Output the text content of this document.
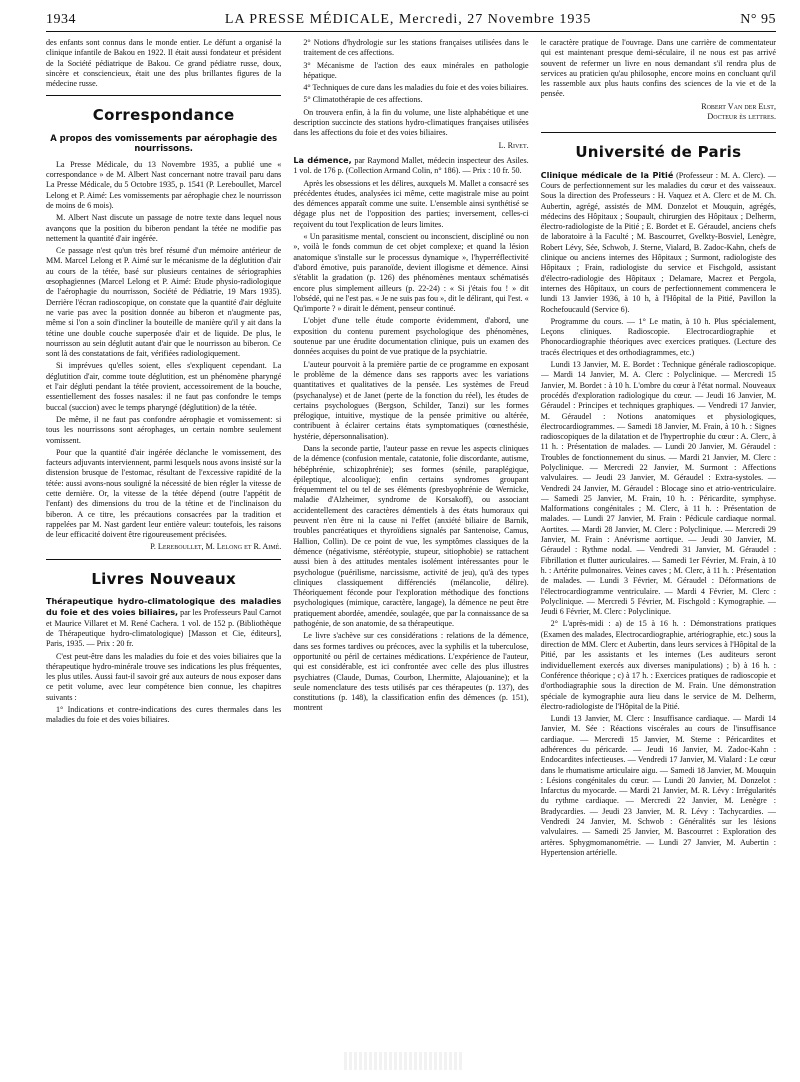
1934	LA PRESSE MÉDICALE, Mercredi, 27 Novembre 1935	N° 95

des enfants sont connus dans le monde entier. Le défunt a organisé la clinique infantile de Bakou en 1922. Il était aussi fondateur et président de la Société pédiatrique de Bakou. Ce grand pédiatre russe, doux, sincère et consciencieux, était une des plus brillantes figures de la médecine russe.

Correspondance
A propos des vomissements par aérophagie des nourrissons.

La Presse Médicale, du 13 Novembre 1935, a publié une « correspondance » de M. Albert Nast concernant notre travail paru dans La Presse Médicale, du 5 Octobre 1935, p. 1541 (P. Lereboullet, Marcel Lelong et P. Aimé: Les vomissements par aérophagie chez le nourrisson de moins de 6 mois).

M. Albert Nast discute un passage de notre texte dans lequel nous avançons que la position du biberon pendant la tétée ne modifie pas nettement la quantité d'air ingérée.

Ce passage n'est qu'un très bref résumé d'un mémoire antérieur de MM. Marcel Lelong et P. Aimé sur le mécanisme de la déglutition d'air au cours de la tétée, basé sur plusieurs centaines de sériographies œsophagiennes (Marcel Lelong et P. Aimé: Etude physio-radiologique de l'aérophagie du nourrisson, Société de Pédiatrie, 19 Mars 1935). Derrière l'écran radioscopique, on constate que la quantité d'air dégluite ne varie pas avec la position donnée au biberon et n'augmente pas, même si l'on a soin d'incliner la bouteille de manière qu'il y ait dans la tétine une double couche superposée d'air et de liquide. De plus, le nourrisson au sein déglutit autant d'air que le nourrisson au biberon. Ce sont là des constatations de fait, vérifiées radiologiquement.

Si imprévues qu'elles soient, elles s'expliquent cependant. La déglutition d'air, comme toute déglutition, est un phénomène pharyngé et l'air dégluti pendant la tétée provient, accessoirement de la bouche, essentiellement des fosses nasales: il ne faut pas confondre le temps buccal (succion) avec le temps pharyngé (déglutition) de la tétée.

De même, il ne faut pas confondre aérophagie et vomissement: si tous les nourrissons sont aérophages, un certain nombre seulement vomissent.

Pour que la quantité d'air ingérée déclanche le vomissement, des facteurs adjuvants interviennent, parmi lesquels nous avons insisté sur la distension brusque de l'estomac, résultant de l'excessive rapidité de la tétée: aussi avons-nous souligné la nécessité de bien régler la vitesse de cette dernière. Or, la vitesse de la tétée dépend (outre l'appétit de l'enfant) des dimensions du trou de la tétine et de l'inclinaison du biberon. A ce titre, les précautions consacrées par la tradition et rappelées par M. Nast gardent leur entière valeur: toutefois, les raisons de leur efficacité doivent être rigoureusement précisées.

P. Lereboullet, M. Lelong et R. Aimé.
Livres Nouveaux

Thérapeutique hydro-climatologique des maladies du foie et des voies biliaires, par les Professeurs Paul Carnot et Maurice Villaret et M. René Cachera. 1 vol. de 152 p. (Bibliothèque de Thérapeutique hydro-climatologique) [Masson et Cie, éditeurs], Paris, 1935. — Prix : 20 fr.

C'est peut-être dans les maladies du foie et des voies biliaires que la thérapeutique hydro-minérale trouve ses indications les plus fréquentes, les plus utiles. Aussi faut-il savoir gré aux auteurs de nous exposer dans ce petit volume, avec leur compétence bien connue, les chapitres suivants :

1° Indications et contre-indications des cures thermales dans les maladies du foie et des voies biliaires.

2° Notions d'hydrologie sur les stations françaises utilisées dans le traitement de ces affections.

3° Mécanisme de l'action des eaux minérales en pathologie hépatique.

4° Techniques de cure dans les maladies du foie et des voies biliaires.

5° Climatothérapie de ces affections.

On trouvera enfin, à la fin du volume, une liste alphabétique et une description succincte des stations hydro-climatiques françaises utilisées dans les affections du foie et des voies biliaires.

L. Rivet.

La démence, par Raymond Mallet, médecin inspecteur des Asiles. 1 vol. de 176 p. (Collection Armand Colin, n° 186). — Prix : 10 fr. 50.

Après les obsessions et les délires, auxquels M. Mallet a consacré ses précédentes études, analysées ici même, cette magistrale mise au point des démences apparaît comme une suite. L'ensemble ainsi synthétisé se dégage plus net de l'opposition des parties; inversement, celles-ci reçoivent du tout l'explication de leurs limites.

« Un parasitisme mental, conscient ou inconscient, discipliné ou non », voilà le fonds commun de cet objet complexe; et quand la lésion anatomique s'installe sur le processus dynamique », l'hyperréflectivité d'abord émotive, puis paranoïde, devient illogisme et démence. Ainsi s'établit la gradation (p. 126) des phénomènes mentaux schématisés encore plus simplement ailleurs (p. 22-24) : « Si j'étais fou ! » dit l'obsédé, qui ne l'est pas. « Je ne suis pas fou », dit le délirant, qui l'est. « Qu'importe ? » dirait le dément, penseur continué.

L'objet d'une telle étude comporte évidemment, d'abord, une exposition du contenu purement psychologique des phénomènes, soutenue par une érudite documentation clinique, puis un examen des données acquises du point de vue pratique de la psychiatrie.

L'auteur pourvoit à la première partie de ce programme en exposant le problème de la démence dans ses rapports avec les variations quantitatives et qualitatives de la pensée. Les systèmes de Freud (psychanalyse) et de Janet (perte de la fonction du réel), les études de certains psychologues (Bergson, Schilder, Tanzi) sur les formes prélogique, intuitive, mystique de la pensée primitive ou altérée, contribuent à éclairer certains états symptomatiques (cœnesthésie, hystérie, dépersonnalisation).

Dans la seconde partie, l'auteur passe en revue les aspects cliniques de la démence (confusion mentale, catatonie, folie discordante, autisme, hébéphrénie, schizophrénie); ses formes (sénile, paraplégique, épileptique, alcoolique); enfin certains syndromes groupant fréquemment tel ou tel de ses éléments (presbyophrénie de Wernicke, maladie d'Alzheimer, syndrome de Korsakoff), ou associant accidentellement des caractères démentiels à des états humoraux qui peuvent n'en être ni la cause ni l'effet (anxiété biliaire de Barnik, troubles pancréatiques et thyroïdiens signalés par Santenoise, Camus, Hallion, Collin). De ce point de vue, les symptômes classiques de la démence (négativisme, stéréotypie, stupeur, sitiophobie) se rattachent aussi bien à des attitudes mentales isolément intéressantes pour le psychologue (puérilisme, narcissisme, activité de jeu), qu'à des types cliniques classiquement différenciés (mélancolie, délire). Théoriquement féconde pour l'exploration méthodique des fonctions psychologiques (mimique, caractère, langage), la démence ne peut être pratiquement abordée, amendée, soulagée, que par la connaissance de sa pathogénie, de son anatomie, de sa thérapeutique.

Le livre s'achève sur ces considérations : relations de la démence, dans ses formes tardives ou précoces, avec la syphilis et la tuberculose, opportunité ou péril de certaines médications. L'expérience de l'auteur, qui est considérable, est ici confrontée avec celle des plus illustres psychiatres (Claude, Dumas, Courbon, Lhermitte, Alajouanine); et la seule nomenclature des tests utilisés par ces thérapeutes (p. 137), des constitutions (p. 148), la classification enfin des démences (p. 151), montrent

le caractère pratique de l'ouvrage. Dans une carrière de commentateur qui est maintenant presque demi-séculaire, il ne nous est pas arrivé souvent de refermer un livre en nous demandant s'il rendra plus de services au praticien qu'au philosophe, encore moins en concluant qu'il les rassemble aux plus hauts confins des sciences de la vie et de la pensée.

Robert Van der Elst,
Docteur ès lettres.
Université de Paris

Clinique médicale de la Pitié (Professeur : M. A. Clerc). — Cours de perfectionnement sur les maladies du cœur et des vaisseaux. Sous la direction des Professeurs : H. Vaquez et A. Clerc et de M. Ch. Aubertin, agrégé, assistés de MM. Donzelot et Mouquin, agrégés, médecins des Hôpitaux ; Soupault, chirurgien des Hôpitaux ; Delherm, électro-radiologiste de la Pitié ; E. Bordet et E. Géraudel, anciens chefs de laboratoire à la Faculté ; M. Bascourret, Gvelkty-Bosviel, Lenègre, Robert Lévy, Sée, Schwob, J. Sterne, Vialard, B. Zadoc-Kahn, chefs de clinique ou anciens internes des Hôpitaux ; Surmont, radiologiste des Hôpitaux ; Frain, radiologiste du service et Fischgold, assistant d'électro-radiologie des Hôpitaux ; Delamare, Macrez et Pergola, internes des Hôpitaux, un cours de perfectionnement commencera le lundi 13 Janvier 1936, à 10 h, à l'Hôpital de la Pitié, Pavillon la Rochefoucauld (Service 6).

Programme du cours. — 1° Le matin, à 10 h. Plus spécialement, Leçons cliniques. Radioscopie. Electrocardiographie et Phonocardiographie théoriques avec exercices pratiques. (Lecture des tracés électriques et des orthodiagrammes, etc.)

Lundi 13 Janvier, M. E. Bordet : Technique générale radioscopique. — Mardi 14 Janvier, M. A. Clerc : Polyclinique. — Mercredi 15 Janvier, M. Bordet : à 10 h. L'ombre du cœur à l'état normal. Nouveaux procédés d'exploration radiologique du cœur. — Jeudi 16 Janvier, M. Géraudel : Principes et techniques graphiques. — Vendredi 17 Janvier, M. Géraudel : Notions anatomiques et physiologiques, électrocardiogrammes. — Samedi 18 Janvier, M. Frain, à 10 h. : Signes radioscopiques de la dilatation et de l'hypertrophie du cœur : A. Clerc, à 11 h. : Présentation de malades. — Lundi 20 Janvier, M. Géraudel : Troubles de fonctionnement du sinus. — Mardi 21 Janvier, M. Clerc : Polyclinique. — Mercredi 22 Janvier, M. Surmont : Affections valvulaires. — Jeudi 23 Janvier, M. Géraudel : Extra-systoles. — Vendredi 24 Janvier, M. Géraudel : Blocage sino et atrio-ventriculaire. — Samedi 25 Janvier, M. Frain, 10 h. : Péricardite, symphyse. Malformations congénitales ; M. Clerc, à 11 h. : Présentation de malades. — Lundi 27 Janvier, M. Frain : Pédicule cardiaque normal. Aortites. — Mardi 28 Janvier, M. Clerc : Polyclinique. — Mercredi 29 Janvier, M. Frain : Anévrisme aortique. — Jeudi 30 Janvier, M. Géraudel : Rythme nodal. — Vendredi 31 Janvier, M. Géraudel : Fibrillation et flutter auriculaires. — Samedi 1er Février, M. Frain, à 10 h. : Artérite pulmonaires. Veines caves ; M. Clerc, à 11 h. : Présentation de malades. — Lundi 3 Février, M. Géraudel : Déformations de l'électrocardiogramme ventriculaire. — Mardi 4 Février, M. Clerc : Polyclinique. — Mercredi 5 Février, M. Fischgold : Kymographie. — Jeudi 6 Février, M. Clerc : Polyclinique.

2° L'après-midi : a) de 15 à 16 h. : Démonstrations pratiques (Examen des malades, Electrocardiographie, artériographie, etc.) sous la direction de MM. Clerc et Aubertin, dans leurs services à l'Hôpital de la Pitié, par les assistants et les internes (Les auditeurs seront individuellement exercés aux diverses manipulations) ; b) à 16 h. : Conférence théorique ; c) à 17 h. : Exercices pratiques de radioscopie et d'orthodiagraphie sous la direction de M. Frain. Une démonstration spéciale de kymographie aura lieu dans le service de M. Delherm, électro-radiologiste de l'Hôpital de la Pitié.

Lundi 13 Janvier, M. Clerc : Insuffisance cardiaque. — Mardi 14 Janvier, M. Sée : Réactions viscérales au cours de l'insuffisance cardiaque. — Mercredi 15 Janvier, M. Sterne : Péricardites et adhérences du péricarde. — Jeudi 16 Janvier, M. Zadoc-Kahn : Endocardites infectieuses. — Vendredi 17 Janvier, M. Vialard : Le cœur dans le rhumatisme articulaire aigu. — Samedi 18 Janvier, M. Mouquin : Lésions congénitales du cœur. — Lundi 20 Janvier, M. Donzelot : Infarctus du myocarde. — Mardi 21 Janvier, M. R. Lévy : Irrégularités du rythme cardiaque. — Mercredi 22 Janvier, M. Lenègre : Bradycardies. — Jeudi 23 Janvier, M. R. Lévy : Tachycardies. — Vendredi 24 Janvier, M. Schwob : Généralités sur les lésions valvulaires. — Samedi 25 Janvier, M. Bascourret : Exploration des artères. Sphygmomanométrie. — Lundi 27 Janvier, M. Aubertin : Hypertension artérielle.
